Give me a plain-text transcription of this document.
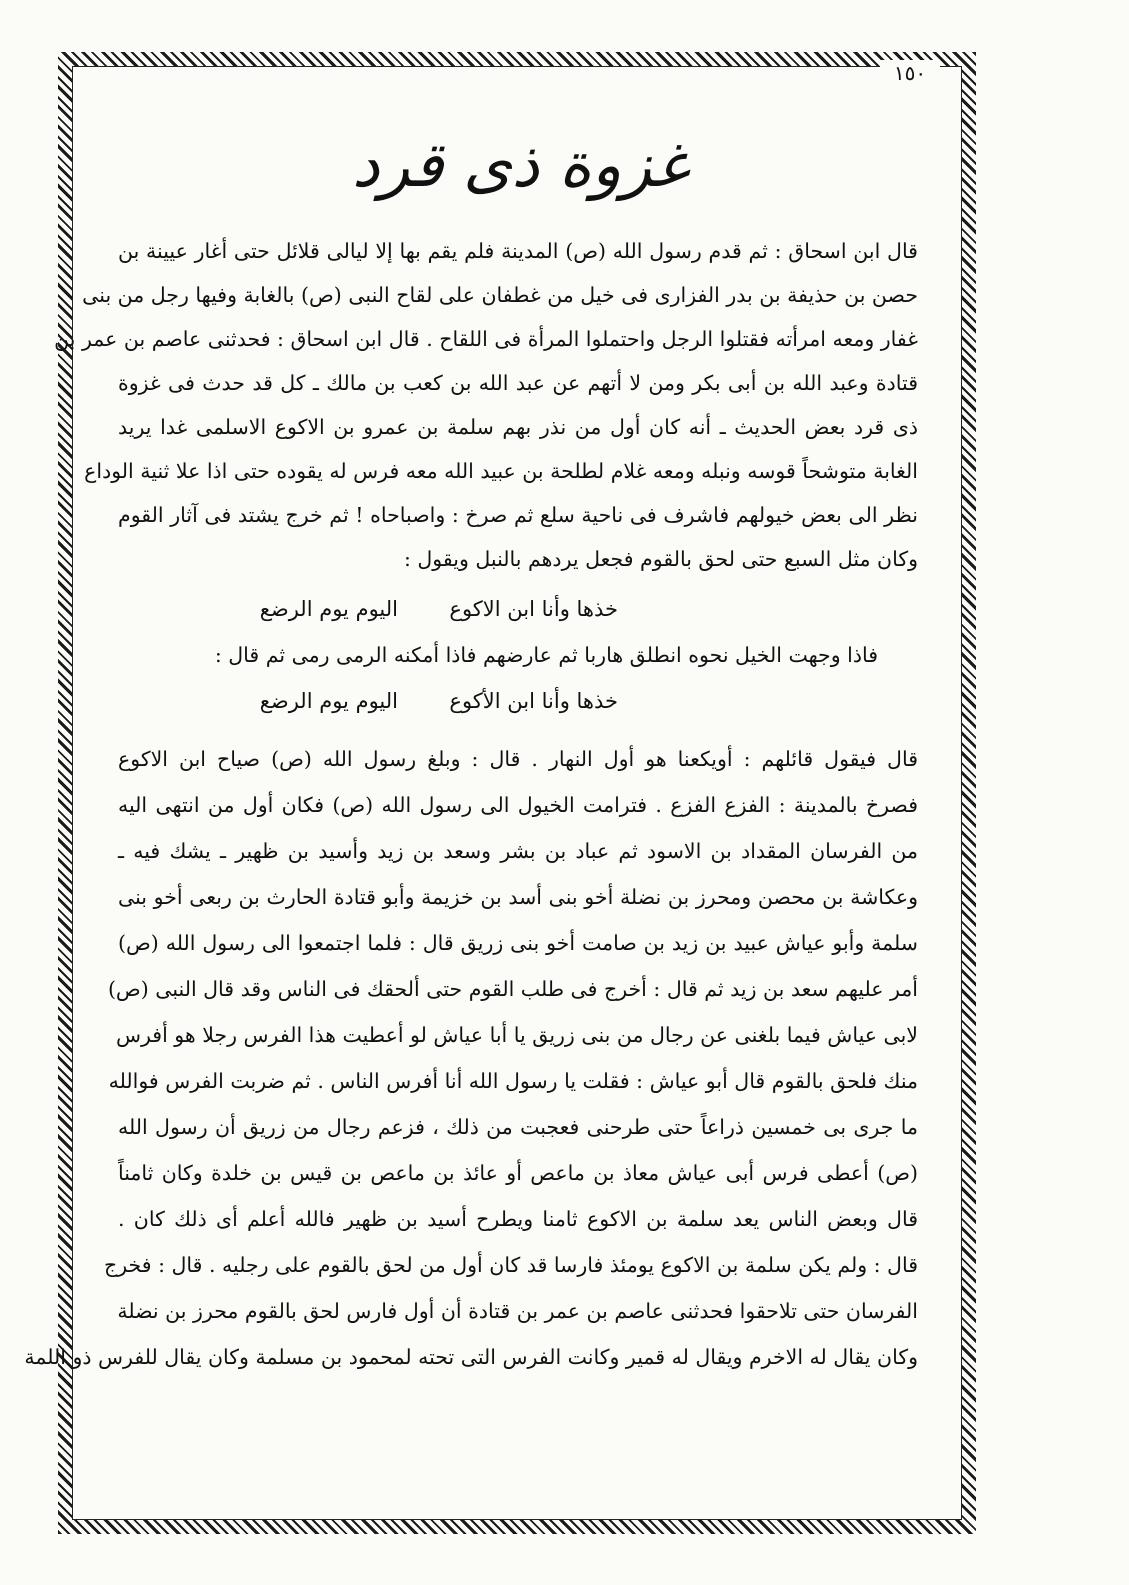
١٥٠
غزوة ذى قرد
قال ابن اسحاق : ثم قدم رسول الله (ص) المدينة فلم يقم بها إلا ليالى قلائل حتى أغار عيينة بن
حصن بن حذيفة بن بدر الفزارى فى خيل من غطفان على لقاح النبى (ص) بالغابة وفيها رجل من بنى
غفار ومعه امرأته فقتلوا الرجل واحتملوا المرأة فى اللقاح . قال ابن اسحاق : فحدثنى عاصم بن عمر بن
قتادة وعبد الله بن أبى بكر ومن لا أتهم عن عبد الله بن كعب بن مالك ـ كل قد حدث فى غزوة
ذى قرد بعض الحديث ـ أنه كان أول من نذر بهم سلمة بن عمرو بن الاكوع الاسلمى غدا يريد
الغابة متوشحاً قوسه ونبله ومعه غلام لطلحة بن عبيد الله معه فرس له يقوده حتى اذا علا ثنية الوداع
نظر الى بعض خيولهم فاشرف فى ناحية سلع ثم صرخ : واصباحاه ! ثم خرج يشتد فى آثار القوم
وكان مثل السبع حتى لحق بالقوم فجعل يردهم بالنبل ويقول :
خذها وأنا ابن الاكوع
اليوم يوم الرضع
فاذا وجهت الخيل نحوه انطلق هاربا ثم عارضهم فاذا أمكنه الرمى رمى ثم قال :
خذها وأنا ابن الأكوع
اليوم يوم الرضع
قال فيقول قائلهم : أويكعنا هو أول النهار . قال : وبلغ رسول الله (ص) صياح ابن الاكوع
فصرخ بالمدينة : الفزع الفزع . فترامت الخيول الى رسول الله (ص) فكان أول من انتهى اليه
من الفرسان المقداد بن الاسود ثم عباد بن بشر وسعد بن زيد وأسيد بن ظهير ـ يشك فيه ـ
وعكاشة بن محصن ومحرز بن نضلة أخو بنى أسد بن خزيمة وأبو قتادة الحارث بن ربعى أخو بنى
سلمة وأبو عياش عبيد بن زيد بن صامت أخو بنى زريق قال : فلما اجتمعوا الى رسول الله (ص)
أمر عليهم سعد بن زيد ثم قال : أخرج فى طلب القوم حتى ألحقك فى الناس وقد قال النبى (ص)
لابى عياش فيما بلغنى عن رجال من بنى زريق يا أبا عياش لو أعطيت هذا الفرس رجلا هو أفرس
منك فلحق بالقوم قال أبو عياش : فقلت يا رسول الله أنا أفرس الناس . ثم ضربت الفرس فوالله
ما جرى بى خمسين ذراعاً حتى طرحنى فعجبت من ذلك ، فزعم رجال من زريق أن رسول الله
(ص) أعطى فرس أبى عياش معاذ بن ماعص أو عائذ بن ماعص بن قيس بن خلدة وكان ثامناً
قال وبعض الناس يعد سلمة بن الاكوع ثامنا ويطرح أسيد بن ظهير فالله أعلم أى ذلك كان .
قال : ولم يكن سلمة بن الاكوع يومئذ فارسا قد كان أول من لحق بالقوم على رجليه . قال : فخرج
الفرسان حتى تلاحقوا فحدثنى عاصم بن عمر بن قتادة أن أول فارس لحق بالقوم محرز بن نضلة
وكان يقال له الاخرم ويقال له قمير وكانت الفرس التى تحته لمحمود بن مسلمة وكان يقال للفرس ذو اللمة
